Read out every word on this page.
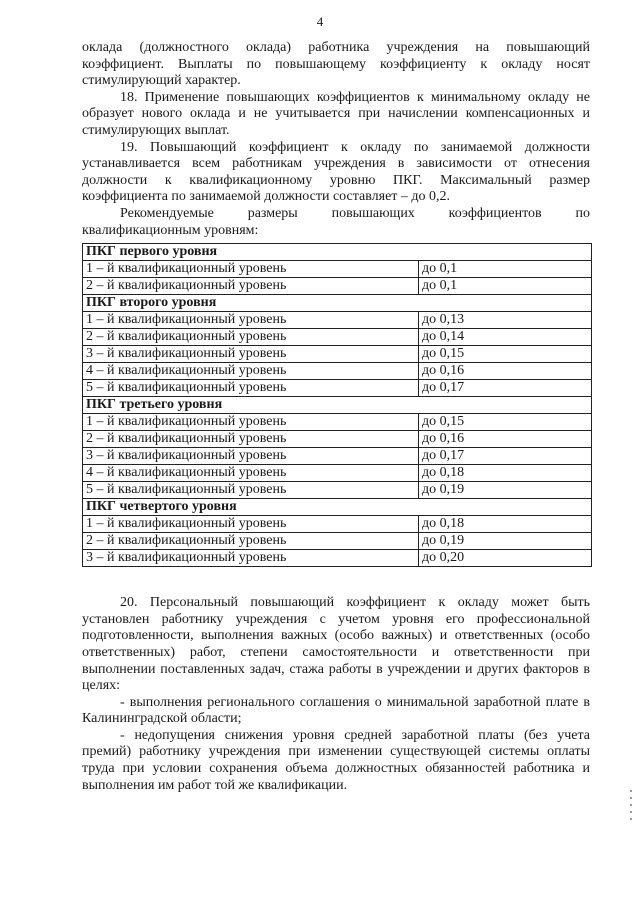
4

оклада (должностного оклада) работника учреждения на повышающий коэффициент. Выплаты по повышающему коэффициенту к окладу носят стимулирующий характер.

18. Применение повышающих коэффициентов к минимальному окладу не образует нового оклада и не учитывается при начислении компенсационных и стимулирующих выплат.

19. Повышающий коэффициент к окладу по занимаемой должности устанавливается всем работникам учреждения в зависимости от отнесения должности к квалификационному уровню ПКГ. Максимальный размер коэффициента по занимаемой должности составляет – до 0,2.

Рекомендуемые размеры повышающих коэффициентов по квалификационным уровням:

ПКГ первого уровня	
1 – й квалификационный уровень	до 0,1
2 – й квалификационный уровень	до 0,1
ПКГ второго уровня	
1 – й квалификационный уровень	до 0,13
2 – й квалификационный уровень	до 0,14
3 – й квалификационный уровень	до 0,15
4 – й квалификационный уровень	до 0,16
5 – й квалификационный уровень	до 0,17
ПКГ третьего уровня	
1 – й квалификационный уровень	до 0,15
2 – й квалификационный уровень	до 0,16
3 – й квалификационный уровень	до 0,17
4 – й квалификационный уровень	до 0,18
5 – й квалификационный уровень	до 0,19
ПКГ четвертого уровня	
1 – й квалификационный уровень	до 0,18
2 – й квалификационный уровень	до 0,19
3 – й квалификационный уровень	до 0,20

20. Персональный повышающий коэффициент к окладу может быть установлен работнику учреждения с учетом уровня его профессиональной подготовленности, выполнения важных (особо важных) и ответственных (особо ответственных) работ, степени самостоятельности и ответственности при выполнении поставленных задач, стажа работы в учреждении и других факторов в целях:

- выполнения регионального соглашения о минимальной заработной плате в Калининградской области;

- недопущения снижения уровня средней заработной платы (без учета премий) работнику учреждения при изменении существующей системы оплаты труда при условии сохранения объема должностных обязанностей работника и выполнения им работ той же квалификации.
